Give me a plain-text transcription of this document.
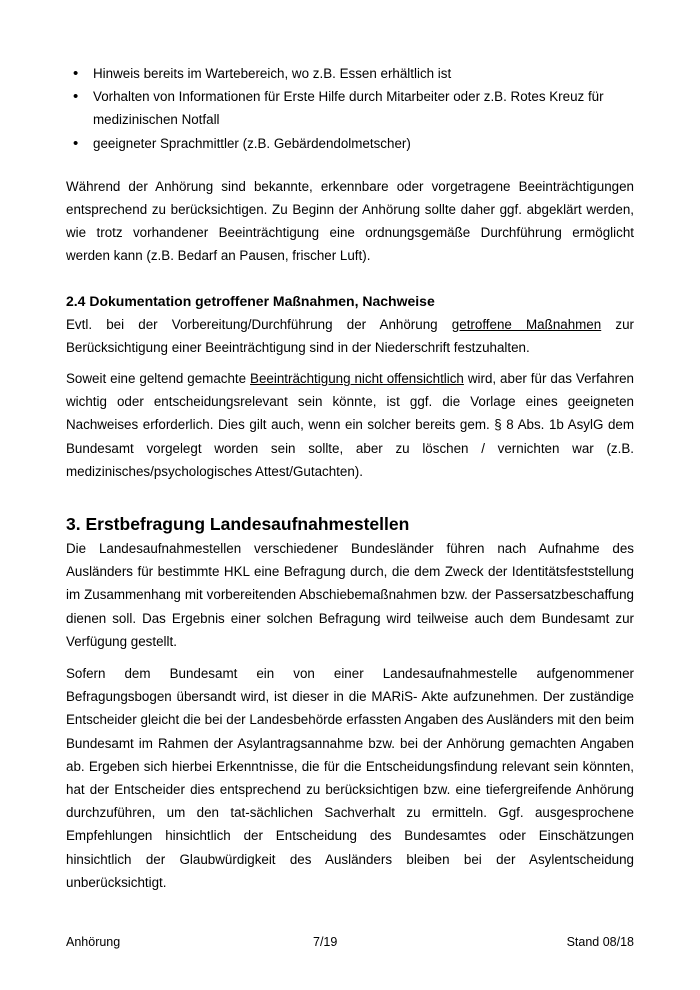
• Hinweis bereits im Wartebereich, wo z.B. Essen erhältlich ist
• Vorhalten von Informationen für Erste Hilfe durch Mitarbeiter oder z.B. Rotes Kreuz für medizinischen Notfall
• geeigneter Sprachmittler (z.B. Gebärdendolmetscher)

Während der Anhörung sind bekannte, erkennbare oder vorgetragene Beeinträchtigungen entsprechend zu berücksichtigen. Zu Beginn der Anhörung sollte daher ggf. abgeklärt werden, wie trotz vorhandener Beeinträchtigung eine ordnungsgemäße Durchführung ermöglicht werden kann (z.B. Bedarf an Pausen, frischer Luft).

2.4 Dokumentation getroffener Maßnahmen, Nachweise

Evtl. bei der Vorbereitung/Durchführung der Anhörung getroffene Maßnahmen zur Berücksichtigung einer Beeinträchtigung sind in der Niederschrift festzuhalten.

Soweit eine geltend gemachte Beeinträchtigung nicht offensichtlich wird, aber für das Verfahren wichtig oder entscheidungsrelevant sein könnte, ist ggf. die Vorlage eines geeigneten Nachweises erforderlich. Dies gilt auch, wenn ein solcher bereits gem. § 8 Abs. 1b AsylG dem Bundesamt vorgelegt worden sein sollte, aber zu löschen / vernichten war (z.B. medizinisches/psychologisches Attest/Gutachten).

3. Erstbefragung Landesaufnahmestellen

Die Landesaufnahmestellen verschiedener Bundesländer führen nach Aufnahme des Ausländers für bestimmte HKL eine Befragung durch, die dem Zweck der Identitätsfeststellung im Zusammenhang mit vorbereitenden Abschiebemaßnahmen bzw. der Passersatzbeschaffung dienen soll. Das Ergebnis einer solchen Befragung wird teilweise auch dem Bundesamt zur Verfügung gestellt.

Sofern dem Bundesamt ein von einer Landesaufnahmestelle aufgenommener Befragungsbogen übersandt wird, ist dieser in die MARiS- Akte aufzunehmen. Der zuständige Entscheider gleicht die bei der Landesbehörde erfassten Angaben des Ausländers mit den beim Bundesamt im Rahmen der Asylantragsannahme bzw. bei der Anhörung gemachten Angaben ab. Ergeben sich hierbei Erkenntnisse, die für die Entscheidungsfindung relevant sein könnten, hat der Entscheider dies entsprechend zu berücksichtigen bzw. eine tiefergreifende Anhörung durchzuführen, um den tat-sächlichen Sachverhalt zu ermitteln. Ggf. ausgesprochene Empfehlungen hinsichtlich der Entscheidung des Bundesamtes oder Einschätzungen hinsichtlich der Glaubwürdigkeit des Ausländers bleiben bei der Asylentscheidung unberücksichtigt.

Anhörung	7/19	Stand 08/18
